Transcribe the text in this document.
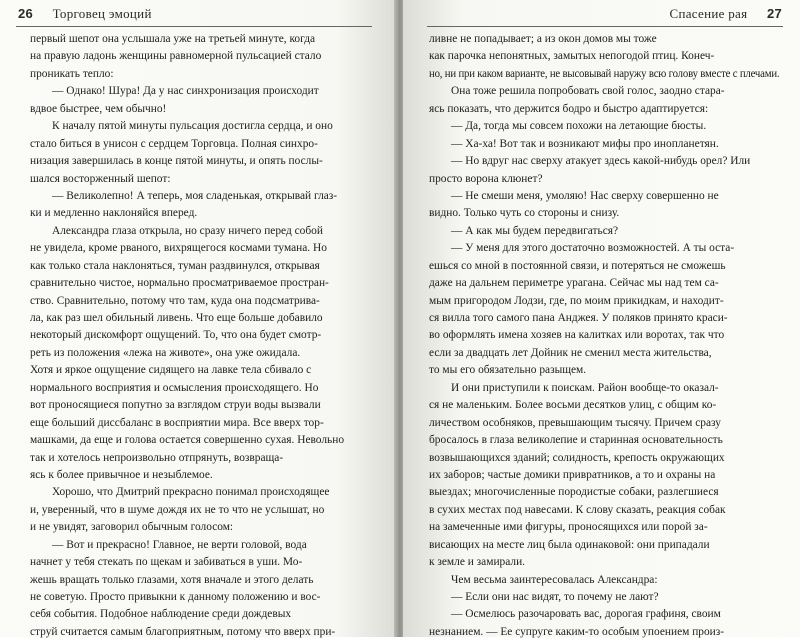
26 Торговец эмоций
первый шепот она услышала уже на третьей минуте, когда
на правую ладонь женщины равномерной пульсацией стало
проникать тепло:
— Однако! Шура! Да у нас синхронизация происходит
вдвое быстрее, чем обычно!
К началу пятой минуты пульсация достигла сердца, и оно
стало биться в унисон с сердцем Торговца. Полная синхро-
низация завершилась в конце пятой минуты, и опять послы-
шался восторженный шепот:
— Великолепно! А теперь, моя сладенькая, открывай глаз-
ки и медленно наклоняйся вперед.
Александра глаза открыла, но сразу ничего перед собой
не увидела, кроме рваного, вихрящегося космами тумана. Но
как только стала наклоняться, туман раздвинулся, открывая
сравнительно чистое, нормально просматриваемое простран-
ство. Сравнительно, потому что там, куда она подсматрива-
ла, как раз шел обильный ливень. Что еще больше добавило
некоторый дискомфорт ощущений. То, что она будет смотр-
реть из положения «лежа на животе», она уже ожидала.
Хотя и яркое ощущение сидящего на лавке тела сбивало с
нормального восприятия и осмысления происходящего. Но
вот проносящиеся попутно за взглядом струи воды вызвали
еще больший диссбаланс в восприятии мира. Все вверх тор-
машками, да еще и голова остается совершенно сухая. Невольно
так и хотелось непроизвольно отпрянуть, возвраща-
ясь к более привычное и незыблемое.
Хорошо, что Дмитрий прекрасно понимал происходящее
и, уверенный, что в шуме дождя их не то что не услышат, но
и не увидят, заговорил обычным голосом:
— Вот и прекрасно! Главное, не верти головой, вода
начнет у тебя стекать по щекам и забиваться в уши. Мо-
жешь вращать только глазами, хотя вначале и этого делать
не советую. Просто привыкни к данному положению и вос-
себя события. Подобное наблюдение среди дождевых
струй считается самым благоприятным, потому что вверх при-
Спасение рая 27
ливне не попадывает; а из окон домов мы тоже
как парочка непонятных, замытых непогодой птиц. Конеч-
но, ни при каком варианте, не высовывай наружу всю голову вместе с плечами.
Она тоже решила попробовать свой голос, заодно стара-
ясь показать, что держится бодро и быстро адаптируется:
— Да, тогда мы совсем похожи на летающие бюсты.
— Ха-ха! Вот так и возникают мифы про инопланетян.
— Но вдруг нас сверху атакует здесь какой-нибудь орел? Или
просто ворона клюнет?
— Не смеши меня, умоляю! Нас сверху совершенно не
видно. Только чуть со стороны и снизу.
— А как мы будем передвигаться?
— У меня для этого достаточно возможностей. А ты оста-
ешься со мной в постоянной связи, и потеряться не сможешь
даже на дальнем периметре урагана. Сейчас мы над тем са-
мым пригородом Лодзи, где, по моим прикидкам, и находит-
ся вилла того самого пана Анджея. У поляков принято краси-
во оформлять имена хозяев на калитках или воротах, так что
если за двадцать лет Дойник не сменил места жительства,
то мы его обязательно разыщем.
И они приступили к поискам. Район вообще-то оказал-
ся не маленьким. Более восьми десятков улиц, с общим ко-
личеством особняков, превышающим тысячу. Причем сразу
бросалось в глаза великолепие и старинная основательность
возвышающихся зданий; солидность, крепость окружающих
их заборов; частые домики привратников, а то и охраны на
выездах; многочисленные породистые собаки, разлегшиеся
в сухих местах под навесами. К слову сказать, реакция собак
на замеченные ими фигуры, проносящихся или порой за-
висающих на месте лиц была одинаковой: они припадали
к земле и замирали.
Чем весьма заинтересовалась Александра:
— Если они нас видят, то почему не лают?
— Осмелюсь разочаровать вас, дорогая графиня, своим
незнанием. — Ее супруге каким-то особым упоением произ-
